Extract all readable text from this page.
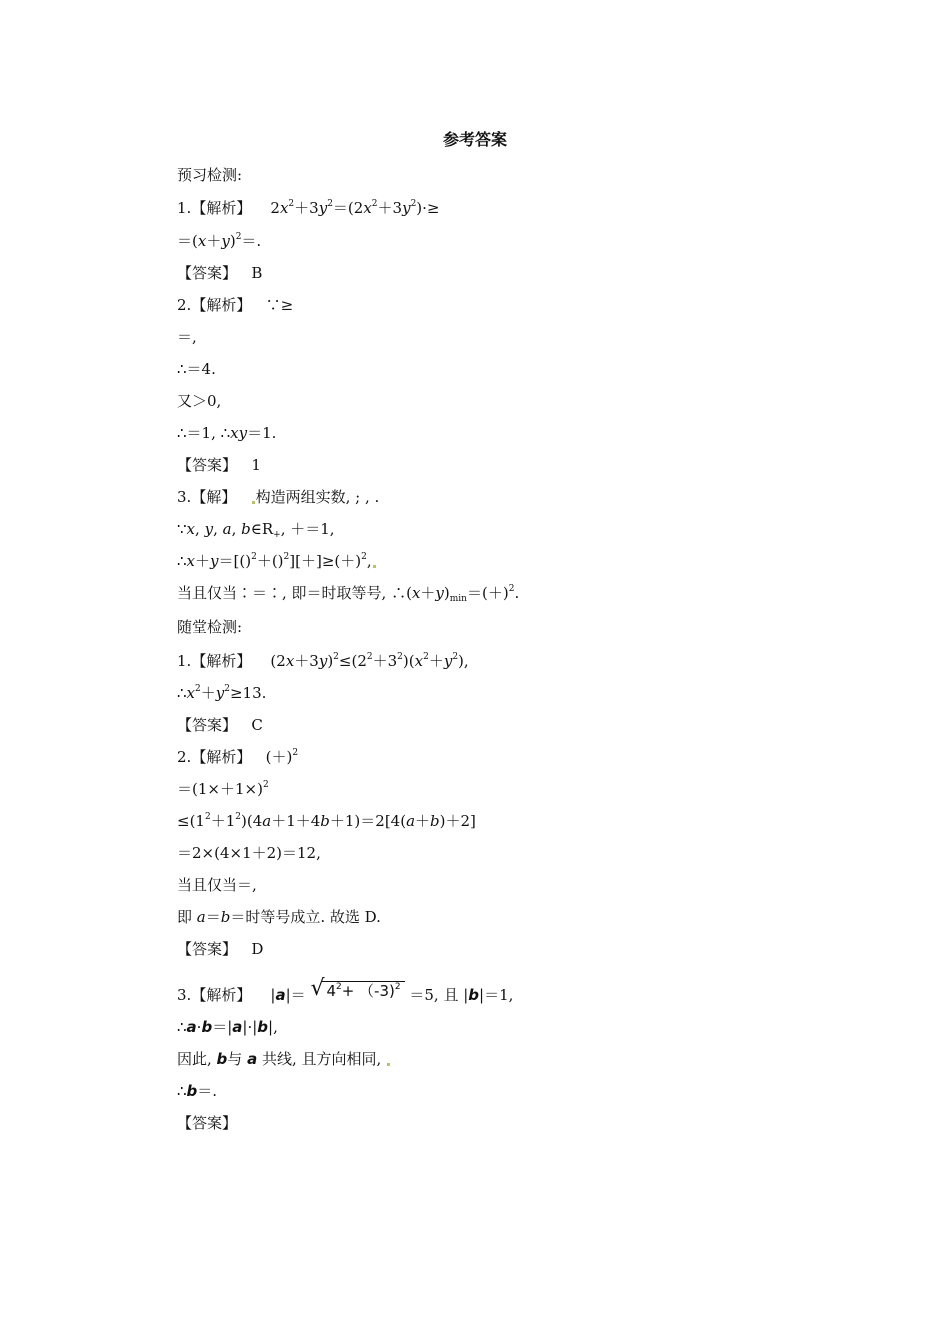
参考答案
预习检测:
1.【解析】 $2x^2+3y^2=(2x^2+3y^2)\cdot\ge$
$=(x+y)^2=$.
【答案】 B
2.【解析】 ∵≥
＝,
∴＝4.
又＞0,
∴＝1, ∴xy＝1.
【答案】 1
3.【解】 构造两组实数, ; , .
∵x, y, a, $b\in R_+$, ＋＝1,
$\therefore x+y=[()^2+()^2][+]\ge(+)^2$,
当且仅当∶＝∶, 即＝时取等号, $\therefore(x+y)_{min}=(+)^2$.
随堂检测:
1.【解析】 $(2x+3y)^2\le(2^2+3^2)(x^2+y^2)$,
$\therefore x^2+y^2\ge 13$.
【答案】 C
2.【解析】 $(+)^2$
$=(1\times+1\times)^2$
$\le(1^2+1^2)(4a+1+4b+1)=2[4(a+b)+2]$
＝2×(4×1＋2)＝12,
当且仅当＝,
即 a＝b＝时等号成立. 故选 D.
【答案】 D
3.【解析】 |a|＝ √ $4^2+ (-3)^2 =5$, 且 |b|＝1,
∴a·b＝|a|·|b|,
因此, b与 a 共线, 且方向相同,
∴b＝.
【答案】
